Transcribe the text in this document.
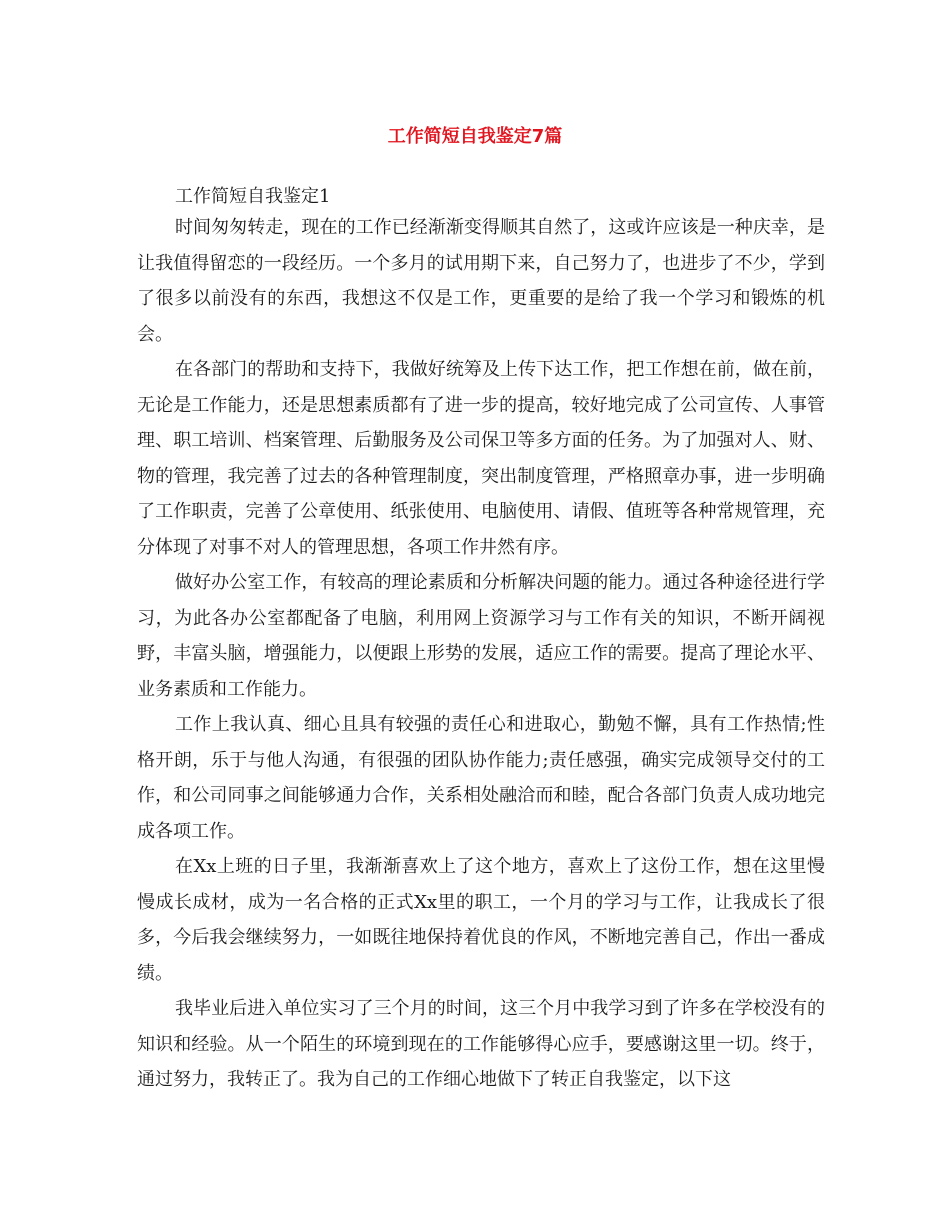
工作简短自我鉴定7篇
工作简短自我鉴定1

时间匆匆转走，现在的工作已经渐渐变得顺其自然了，这或许应该是一种庆幸，是让我值得留恋的一段经历。一个多月的试用期下来，自己努力了，也进步了不少，学到了很多以前没有的东西，我想这不仅是工作，更重要的是给了我一个学习和锻炼的机会。

在各部门的帮助和支持下，我做好统筹及上传下达工作，把工作想在前，做在前，无论是工作能力，还是思想素质都有了进一步的提高，较好地完成了公司宣传、人事管理、职工培训、档案管理、后勤服务及公司保卫等多方面的任务。为了加强对人、财、物的管理，我完善了过去的各种管理制度，突出制度管理，严格照章办事，进一步明确了工作职责，完善了公章使用、纸张使用、电脑使用、请假、值班等各种常规管理，充分体现了对事不对人的管理思想，各项工作井然有序。

做好办公室工作，有较高的理论素质和分析解决问题的能力。通过各种途径进行学习，为此各办公室都配备了电脑，利用网上资源学习与工作有关的知识，不断开阔视野，丰富头脑，增强能力，以便跟上形势的发展，适应工作的需要。提高了理论水平、业务素质和工作能力。

工作上我认真、细心且具有较强的责任心和进取心，勤勉不懈，具有工作热情;性格开朗，乐于与他人沟通，有很强的团队协作能力;责任感强，确实完成领导交付的工作，和公司同事之间能够通力合作，关系相处融洽而和睦，配合各部门负责人成功地完成各项工作。

在Xx上班的日子里，我渐渐喜欢上了这个地方，喜欢上了这份工作，想在这里慢慢成长成材，成为一名合格的正式Xx里的职工，一个月的学习与工作，让我成长了很多，今后我会继续努力，一如既往地保持着优良的作风，不断地完善自己，作出一番成绩。

我毕业后进入单位实习了三个月的时间，这三个月中我学习到了许多在学校没有的知识和经验。从一个陌生的环境到现在的工作能够得心应手，要感谢这里一切。终于，通过努力，我转正了。我为自己的工作细心地做下了转正自我鉴定，以下这
